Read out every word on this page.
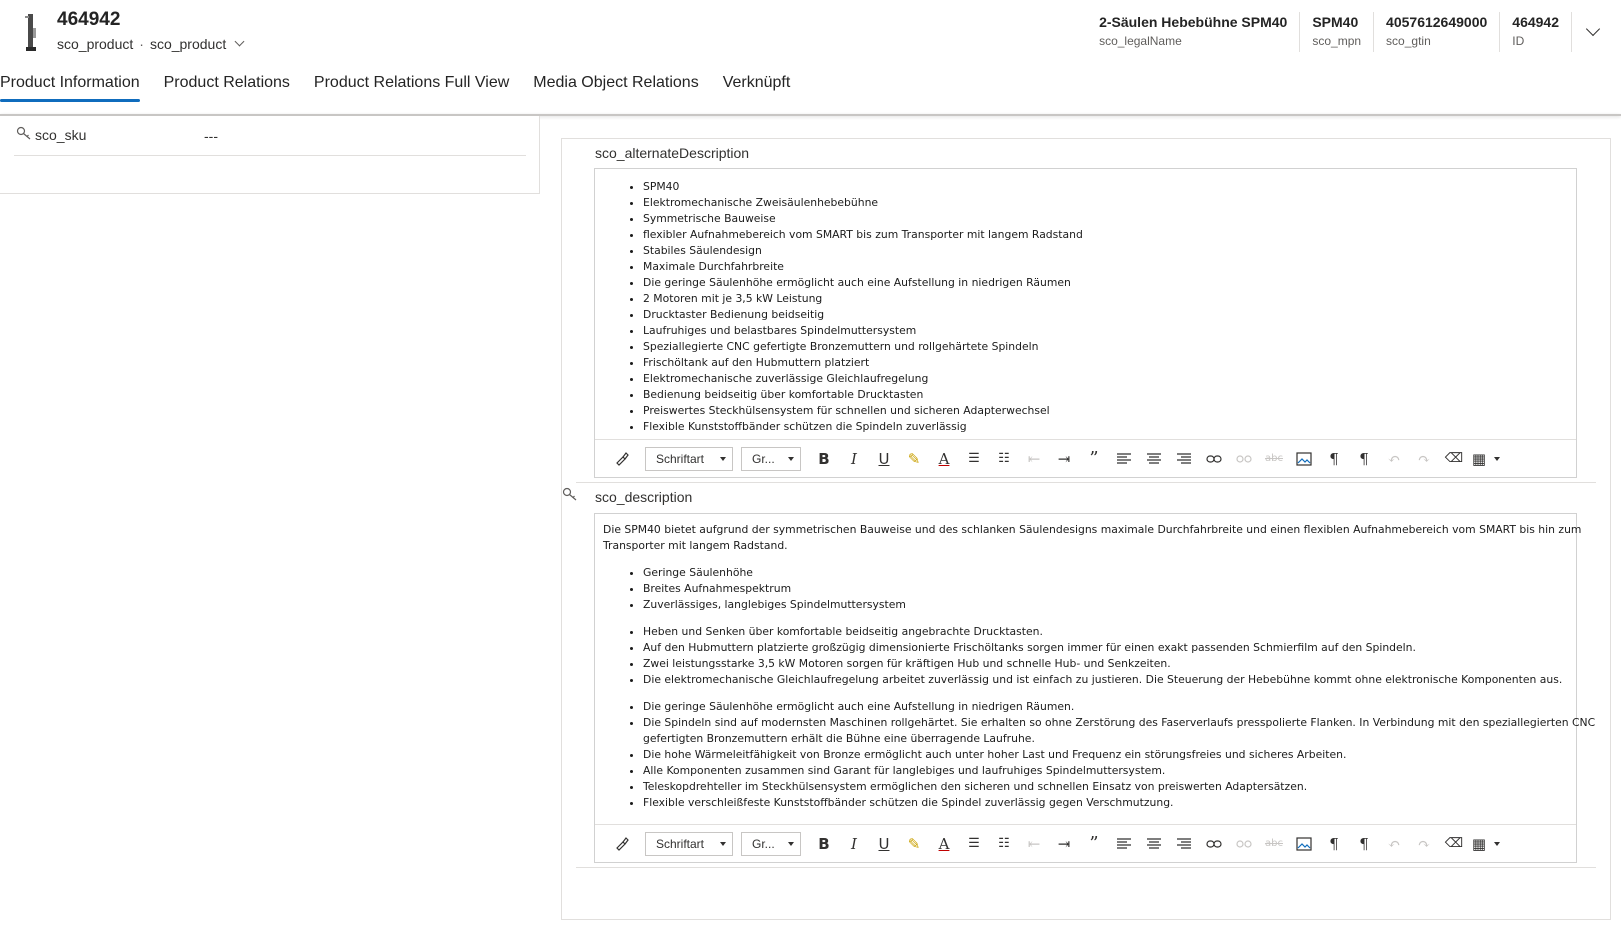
464942
sco_product · sco_product
2-Säulen Hebebühne SPM40
sco_legalName
SPM40
sco_mpn
4057612649000
sco_gtin
464942
ID
Product Information Product Relations Product Relations Full View Media Object Relations Verknüpft
sco_sku	---
sco_alternateDescription
• SPM40
• Elektromechanische Zweisäulenhebebühne
• Symmetrische Bauweise
• flexibler Aufnahmebereich vom SMART bis zum Transporter mit langem Radstand
• Stabiles Säulendesign
• Maximale Durchfahrbreite
• Die geringe Säulenhöhe ermöglicht auch eine Aufstellung in niedrigen Räumen
• 2 Motoren mit je 3,5 kW Leistung
• Drucktaster Bedienung beidseitig
• Laufruhiges und belastbares Spindelmuttersystem
• Speziallegierte CNC gefertigte Bronzemuttern und rollgehärtete Spindeln
• Frischöltank auf den Hubmuttern platziert
• Elektromechanische zuverlässige Gleichlaufregelung
• Bedienung beidseitig über komfortable Drucktasten
• Preiswertes Steckhülsensystem für schnellen und sicheren Adapterwechsel
• Flexible Kunststoffbänder schützen die Spindeln zuverlässig
Schriftart	Gr...	B	I	U	✎	A	☰	☷	⇤	⇥	”	abc	¶	¶	↶	↷	⌫ ▦
sco_description

Die SPM40 bietet aufgrund der symmetrischen Bauweise und des schlanken Säulendesigns maximale Durchfahrbreite und einen flexiblen Aufnahmebereich vom SMART bis hin zum
Transporter mit langem Radstand.

• Geringe Säulenhöhe
• Breites Aufnahmespektrum
• Zuverlässiges, langlebiges Spindelmuttersystem
• Heben und Senken über komfortable beidseitig angebrachte Drucktasten.
• Auf den Hubmuttern platzierte großzügig dimensionierte Frischöltanks sorgen immer für einen exakt passenden Schmierfilm auf den Spindeln.
• Zwei leistungsstarke 3,5 kW Motoren sorgen für kräftigen Hub und schnelle Hub- und Senkzeiten.
• Die elektromechanische Gleichlaufregelung arbeitet zuverlässig und ist einfach zu justieren. Die Steuerung der Hebebühne kommt ohne elektronische Komponenten aus.
• Die geringe Säulenhöhe ermöglicht auch eine Aufstellung in niedrigen Räumen.
• Die Spindeln sind auf modernsten Maschinen rollgehärtet. Sie erhalten so ohne Zerstörung des Faserverlaufs presspolierte Flanken. In Verbindung mit den speziallegierten CNC
gefertigten Bronzemuttern erhält die Bühne eine überragende Laufruhe.
• Die hohe Wärmeleitfähigkeit von Bronze ermöglicht auch unter hoher Last und Frequenz ein störungsfreies und sicheres Arbeiten.
• Alle Komponenten zusammen sind Garant für langlebiges und laufruhiges Spindelmuttersystem.
• Teleskopdrehteller im Steckhülsensystem ermöglichen den sicheren und schnellen Einsatz von preiswerten Adaptersätzen.
• Flexible verschleißfeste Kunststoffbänder schützen die Spindel zuverlässig gegen Verschmutzung.
Schriftart	Gr...	B	I	U	✎	A	☰	☷	⇤	⇥	”	abc	¶	¶	↶	↷	⌫ ▦
